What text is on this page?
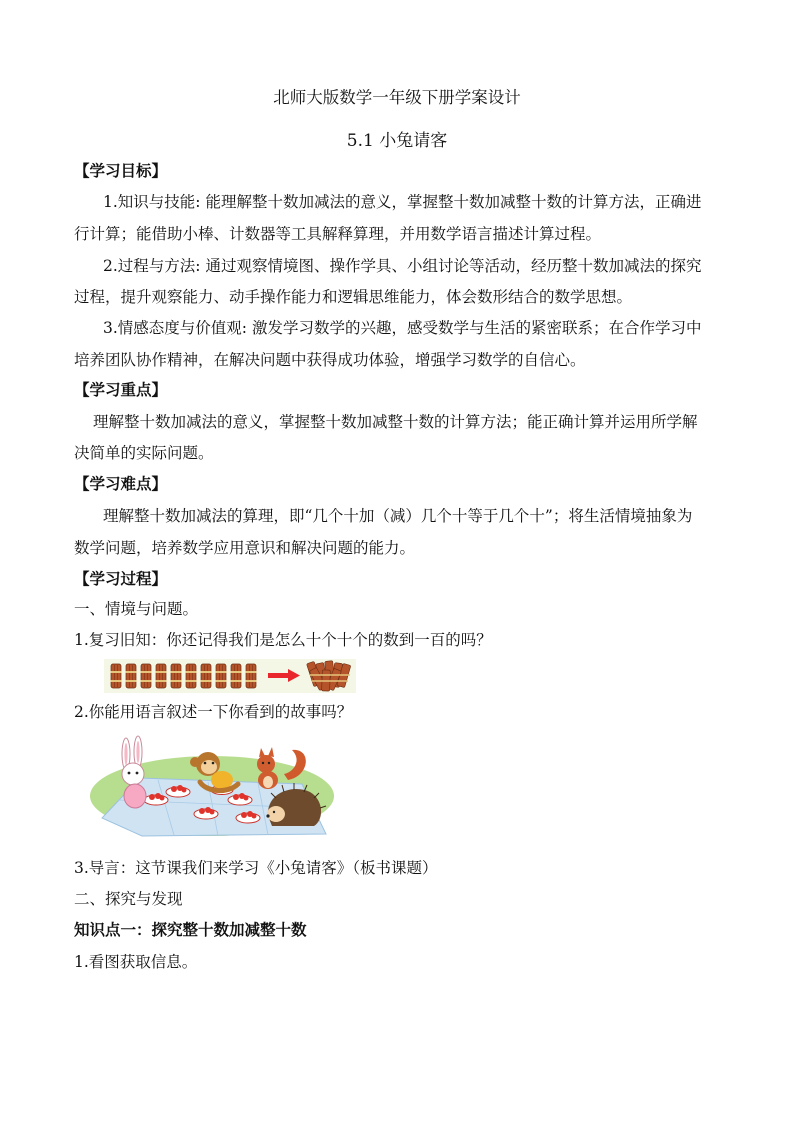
北师大版数学一年级下册学案设计
5.1 小兔请客
【学习目标】
1.知识与技能: 能理解整十数加减法的意义，掌握整十数加减整十数的计算方法，正确进
行计算；能借助小棒、计数器等工具解释算理，并用数学语言描述计算过程。
2.过程与方法: 通过观察情境图、操作学具、小组讨论等活动，经历整十数加减法的探究
过程，提升观察能力、动手操作能力和逻辑思维能力，体会数形结合的数学思想。
3.情感态度与价值观: 激发学习数学的兴趣，感受数学与生活的紧密联系；在合作学习中
培养团队协作精神，在解决问题中获得成功体验，增强学习数学的自信心。
【学习重点】
理解整十数加减法的意义，掌握整十数加减整十数的计算方法；能正确计算并运用所学解
决简单的实际问题。
【学习难点】
理解整十数加减法的算理，即“几个十加（减）几个十等于几个十”；将生活情境抽象为
数学问题，培养数学应用意识和解决问题的能力。
【学习过程】
一、情境与问题。
1.复习旧知：你还记得我们是怎么十个十个的数到一百的吗？
2.你能用语言叙述一下你看到的故事吗？
3.导言：这节课我们来学习《小兔请客》（板书课题）
二、探究与发现
知识点一：探究整十数加减整十数
1.看图获取信息。
